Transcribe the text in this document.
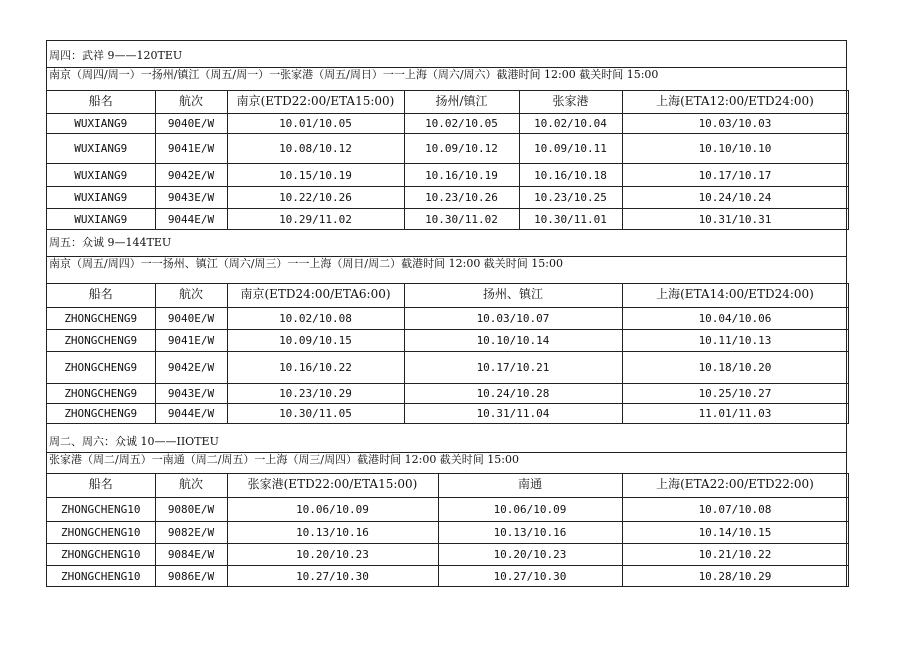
周四：武祥 9——120TEU
南京（周四/周一）一扬州/镇江（周五/周一）一张家港（周五/周日）一一上海（周六/周六）截港时间 12:00 截关时间 15:00
船名	航次	南京(ETD22:00/ETA15:00)	扬州/镇江	张家港	上海(ETA12:00/ETD24:00)
WUXIANG9	9040E/W	10.01/10.05	10.02/10.05	10.02/10.04	10.03/10.03
WUXIANG9	9041E/W	10.08/10.12	10.09/10.12	10.09/10.11	10.10/10.10
WUXIANG9	9042E/W	10.15/10.19	10.16/10.19	10.16/10.18	10.17/10.17
WUXIANG9	9043E/W	10.22/10.26	10.23/10.26	10.23/10.25	10.24/10.24
WUXIANG9	9044E/W	10.29/11.02	10.30/11.02	10.30/11.01	10.31/10.31
周五：众诚 9—144TEU
南京（周五/周四）一一扬州、镇江（周六/周三）一一上海（周日/周二）截港时间 12:00 截关时间 15:00
船名	航次	南京(ETD24:00/ETA6:00)	扬州、镇江	上海(ETA14:00/ETD24:00)
ZHONGCHENG9	9040E/W	10.02/10.08	10.03/10.07	10.04/10.06
ZHONGCHENG9	9041E/W	10.09/10.15	10.10/10.14	10.11/10.13
ZHONGCHENG9	9042E/W	10.16/10.22	10.17/10.21	10.18/10.20
ZHONGCHENG9	9043E/W	10.23/10.29	10.24/10.28	10.25/10.27
ZHONGCHENG9	9044E/W	10.30/11.05	10.31/11.04	11.01/11.03
周二、周六：众诚 10——IIOTEU
张家港（周二/周五）一南通（周二/周五）一上海（周三/周四）截港时间 12:00 截关时间 15:00
船名	航次	张家港(ETD22:00/ETA15:00)	南通	上海(ETA22:00/ETD22:00)
ZHONGCHENG10	9080E/W	10.06/10.09	10.06/10.09	10.07/10.08
ZHONGCHENG10	9082E/W	10.13/10.16	10.13/10.16	10.14/10.15
ZHONGCHENG10	9084E/W	10.20/10.23	10.20/10.23	10.21/10.22
ZHONGCHENG10	9086E/W	10.27/10.30	10.27/10.30	10.28/10.29
